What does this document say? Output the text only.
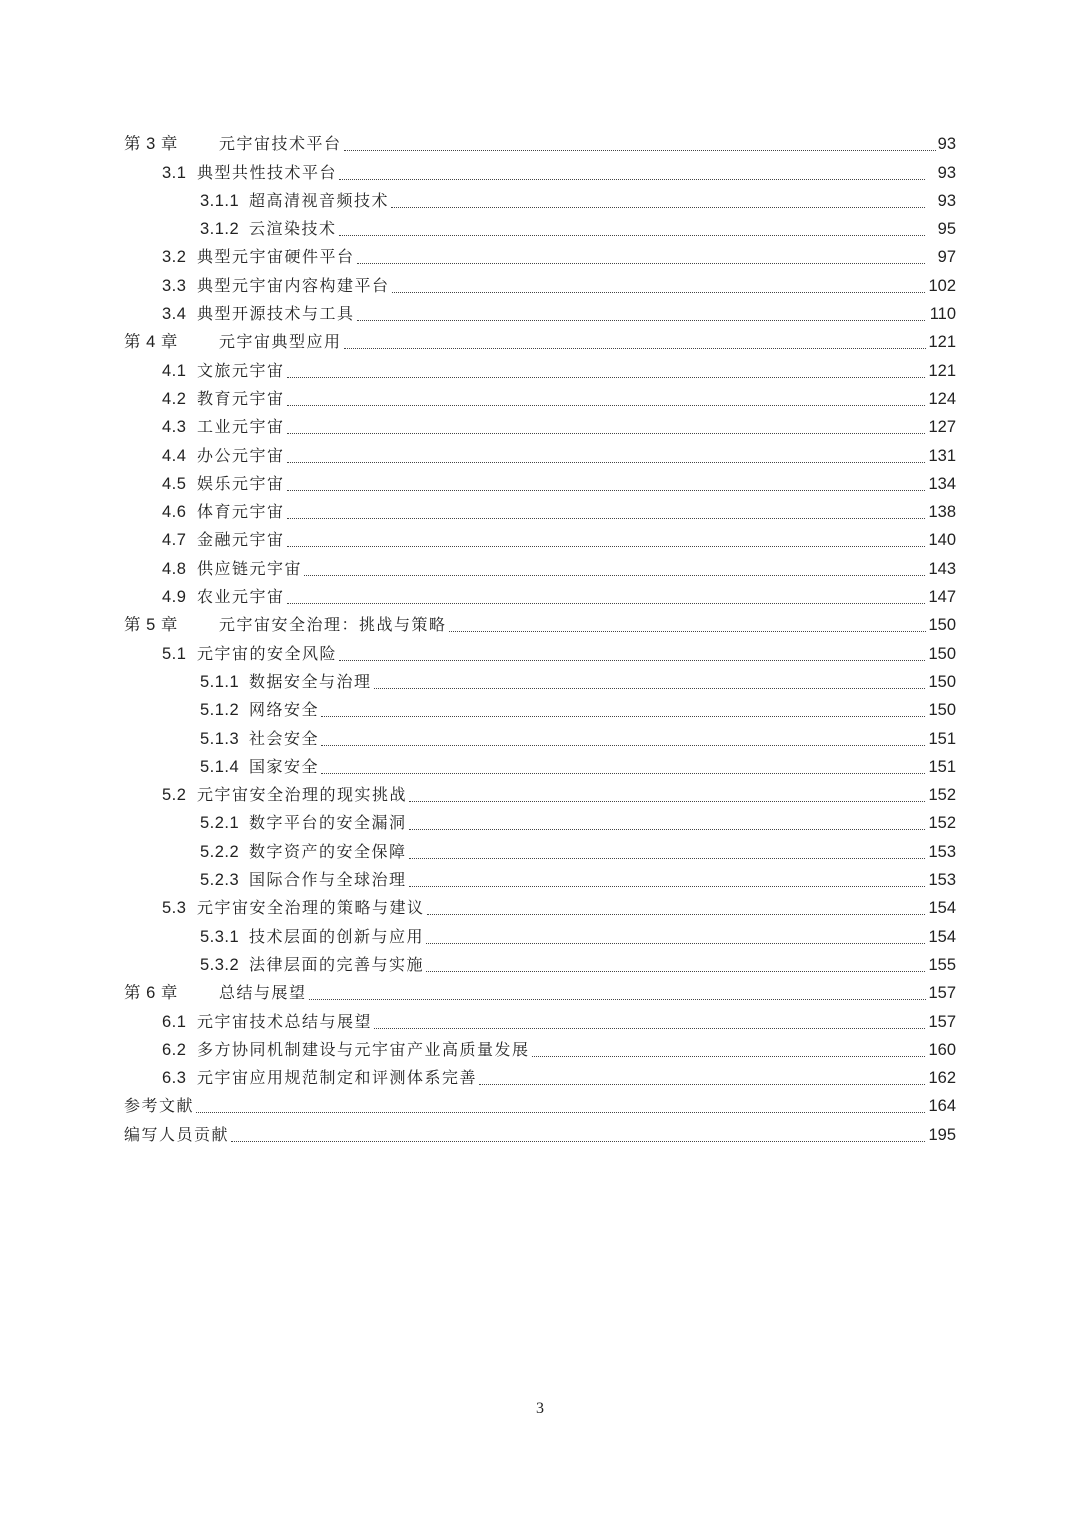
第 3 章	元宇宙技术平台	93
3.1 典型共性技术平台	93
3.1.1 超高清视音频技术	93
3.1.2 云渲染技术	95
3.2 典型元宇宙硬件平台	97
3.3 典型元宇宙内容构建平台	102
3.4 典型开源技术与工具	110
第 4 章	元宇宙典型应用	121
4.1 文旅元宇宙	121
4.2 教育元宇宙	124
4.3 工业元宇宙	127
4.4 办公元宇宙	131
4.5 娱乐元宇宙	134
4.6 体育元宇宙	138
4.7 金融元宇宙	140
4.8 供应链元宇宙	143
4.9 农业元宇宙	147
第 5 章	元宇宙安全治理：挑战与策略	150
5.1 元宇宙的安全风险	150
5.1.1 数据安全与治理	150
5.1.2 网络安全	150
5.1.3 社会安全	151
5.1.4 国家安全	151
5.2 元宇宙安全治理的现实挑战	152
5.2.1 数字平台的安全漏洞	152
5.2.2 数字资产的安全保障	153
5.2.3 国际合作与全球治理	153
5.3 元宇宙安全治理的策略与建议	154
5.3.1 技术层面的创新与应用	154
5.3.2 法律层面的完善与实施	155
第 6 章	总结与展望	157
6.1 元宇宙技术总结与展望	157
6.2 多方协同机制建设与元宇宙产业高质量发展	160
6.3 元宇宙应用规范制定和评测体系完善	162
参考文献	164
编写人员贡献	195
3
